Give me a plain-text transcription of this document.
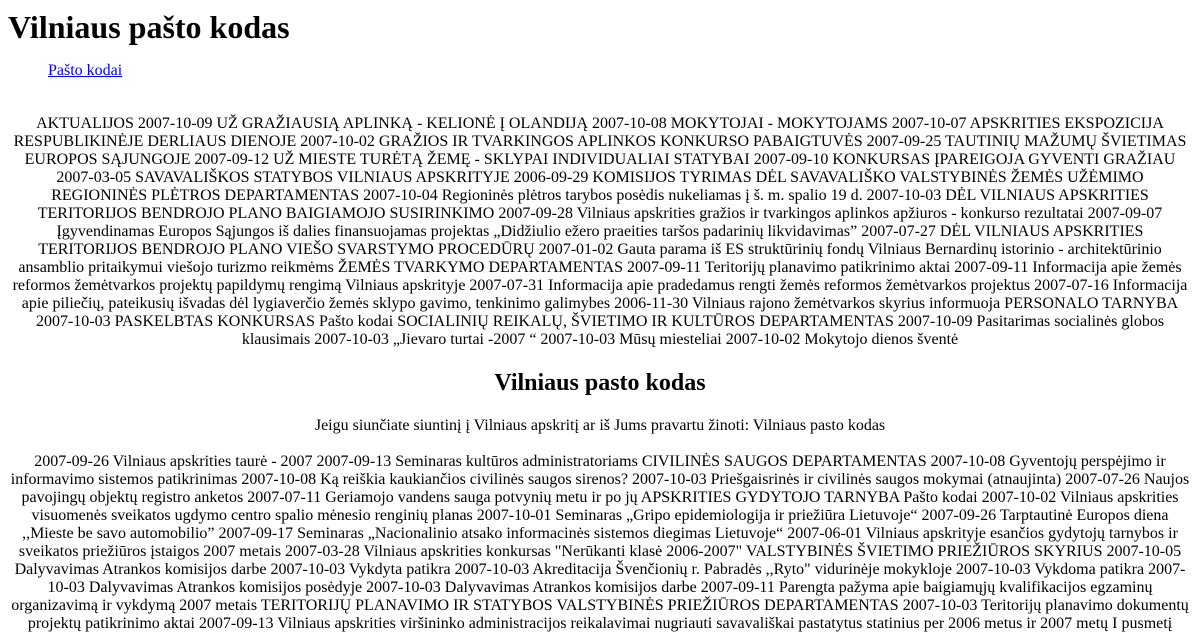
Vilniaus pašto kodas
Pašto kodai
AKTUALIJOS 2007-10-09 UŽ GRAŽIAUSIĄ APLINKĄ - KELIONĖ Į OLANDIJĄ 2007-10-08 MOKYTOJAI - MOKYTOJAMS 2007-10-07 APSKRITIES EKSPOZICIJA RESPUBLIKINĖJE DERLIAUS DIENOJE 2007-10-02 GRAŽIOS IR TVARKINGOS APLINKOS KONKURSO PABAIGTUVĖS 2007-09-25 TAUTINIŲ MAŽUMŲ ŠVIETIMAS EUROPOS SĄJUNGOJE 2007-09-12 UŽ MIESTE TURĖTĄ ŽEMĘ - SKLYPAI INDIVIDUALIAI STATYBAI 2007-09-10 KONKURSAS ĮPAREIGOJA GYVENTI GRAŽIAU 2007-03-05 SAVAVALIŠKOS STATYBOS VILNIAUS APSKRITYJE 2006-09-29 KOMISIJOS TYRIMAS DĖL SAVAVALIŠKO VALSTYBINĖS ŽEMĖS UŽĖMIMO REGIONINĖS PLĖTROS DEPARTAMENTAS 2007-10-04 Regioninės plėtros tarybos posėdis nukeliamas į š. m. spalio 19 d. 2007-10-03 DĖL VILNIAUS APSKRITIES TERITORIJOS BENDROJO PLANO BAIGIAMOJO SUSIRINKIMO 2007-09-28 Vilniaus apskrities gražios ir tvarkingos aplinkos apžiuros - konkurso rezultatai 2007-09-07 Įgyvendinamas Europos Sąjungos iš dalies finansuojamas projektas „Didžiulio ežero praeities taršos padarinių likvidavimas” 2007-07-27 DĖL VILNIAUS APSKRITIES TERITORIJOS BENDROJO PLANO VIEŠO SVARSTYMO PROCEDŪRŲ 2007-01-02 Gauta parama iš ES struktūrinių fondų Vilniaus Bernardinų istorinio - architektūrinio ansamblio pritaikymui viešojo turizmo reikmėms ŽEMĖS TVARKYMO DEPARTAMENTAS 2007-09-11 Teritorijų planavimo patikrinimo aktai 2007-09-11 Informacija apie žemės reformos žemėtvarkos projektų papildymų rengimą Vilniaus apskrityje 2007-07-31 Informacija apie pradedamus rengti žemės reformos žemėtvarkos projektus 2007-07-16 Informacija apie piliečių, pateikusių išvadas dėl lygiaverčio žemės sklypo gavimo, tenkinimo galimybes 2006-11-30 Vilniaus rajono žemėtvarkos skyrius informuoja PERSONALO TARNYBA 2007-10-03 PASKELBTAS KONKURSAS Pašto kodai SOCIALINIŲ REIKALŲ, ŠVIETIMO IR KULTŪROS DEPARTAMENTAS 2007-10-09 Pasitarimas socialinės globos klausimais 2007-10-03 „Jievaro turtai -2007 “ 2007-10-03 Mūsų miesteliai 2007-10-02 Mokytojo dienos šventė
Vilniaus pasto kodas
Jeigu siunčiate siuntinį į Vilniaus apskritį ar iš Jums pravartu žinoti: Vilniaus pasto kodas
2007-09-26 Vilniaus apskrities taurė - 2007 2007-09-13 Seminaras kultūros administratoriams CIVILINĖS SAUGOS DEPARTAMENTAS 2007-10-08 Gyventojų perspėjimo ir informavimo sistemos patikrinimas 2007-10-08 Ką reiškia kaukiančios civilinės saugos sirenos? 2007-10-03 Priešgaisrinės ir civilinės saugos mokymai (atnaujinta) 2007-07-26 Naujos pavojingų objektų registro anketos 2007-07-11 Geriamojo vandens sauga potvynių metu ir po jų APSKRITIES GYDYTOJO TARNYBA Pašto kodai 2007-10-02 Vilniaus apskrities visuomenės sveikatos ugdymo centro spalio mėnesio renginių planas 2007-10-01 Seminaras „Gripo epidemiologija ir priežiūra Lietuvoje“ 2007-09-26 Tarptautinė Europos diena ,,Mieste be savo automobilio” 2007-09-17 Seminaras „Nacionalinio atsako informacinės sistemos diegimas Lietuvoje“ 2007-06-01 Vilniaus apskrityje esančios gydytojų tarnybos ir sveikatos priežiūros įstaigos 2007 metais 2007-03-28 Vilniaus apskrities konkursas "Nerūkanti klasė 2006-2007" VALSTYBINĖS ŠVIETIMO PRIEŽIŪROS SKYRIUS 2007-10-05 Dalyvavimas Atrankos komisijos darbe 2007-10-03 Vykdyta patikra 2007-10-03 Akreditacija Švenčionių r. Pabradės ,,Ryto" vidurinėje mokykloje 2007-10-03 Vykdoma patikra 2007-10-03 Dalyvavimas Atrankos komisijos posėdyje 2007-10-03 Dalyvavimas Atrankos komisijos darbe 2007-09-11 Parengta pažyma apie baigiamųjų kvalifikacijos egzaminų organizavimą ir vykdymą 2007 metais TERITORIJŲ PLANAVIMO IR STATYBOS VALSTYBINĖS PRIEŽIŪROS DEPARTAMENTAS 2007-10-03 Teritorijų planavimo dokumentų projektų patikrinimo aktai 2007-09-13 Vilniaus apskrities viršininko administracijos reikalavimai nugriauti savavališkai pastatytus statinius per 2006 metus ir 2007 metų I pusmetį
